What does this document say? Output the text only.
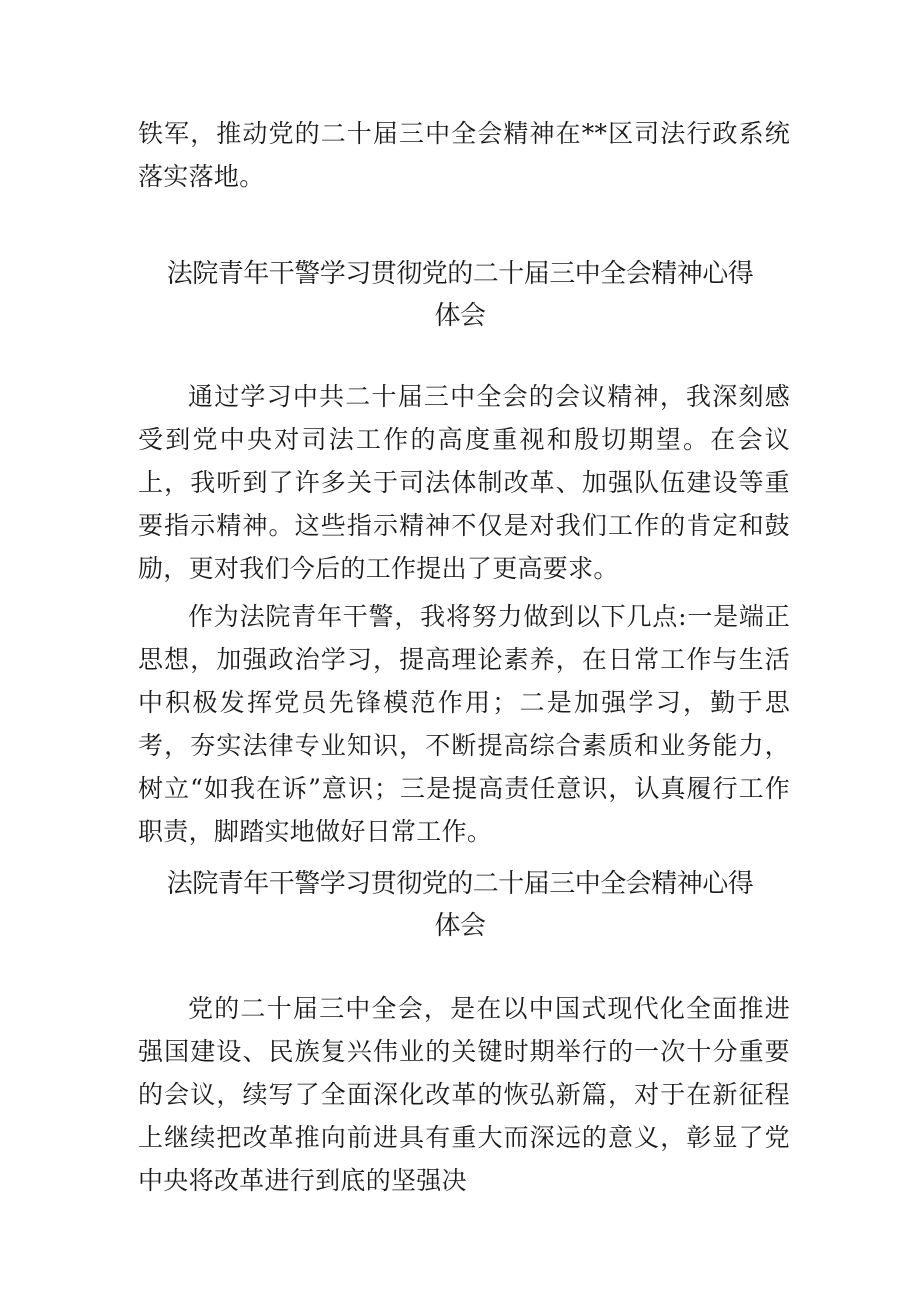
铁军，推动党的二十届三中全会精神在**区司法行政系统落实落地。

法院青年干警学习贯彻党的二十届三中全会精神心得
体会

通过学习中共二十届三中全会的会议精神，我深刻感受到党中央对司法工作的高度重视和殷切期望。在会议上，我听到了许多关于司法体制改革、加强队伍建设等重要指示精神。这些指示精神不仅是对我们工作的肯定和鼓励，更对我们今后的工作提出了更高要求。

作为法院青年干警，我将努力做到以下几点:一是端正思想，加强政治学习，提高理论素养，在日常工作与生活中积极发挥党员先锋模范作用；二是加强学习，勤于思考，夯实法律专业知识，不断提高综合素质和业务能力，树立“如我在诉”意识；三是提高责任意识，认真履行工作职责，脚踏实地做好日常工作。

法院青年干警学习贯彻党的二十届三中全会精神心得
体会

党的二十届三中全会，是在以中国式现代化全面推进强国建设、民族复兴伟业的关键时期举行的一次十分重要的会议，续写了全面深化改革的恢弘新篇，对于在新征程上继续把改革推向前进具有重大而深远的意义，彰显了党中央将改革进行到底的坚强决
